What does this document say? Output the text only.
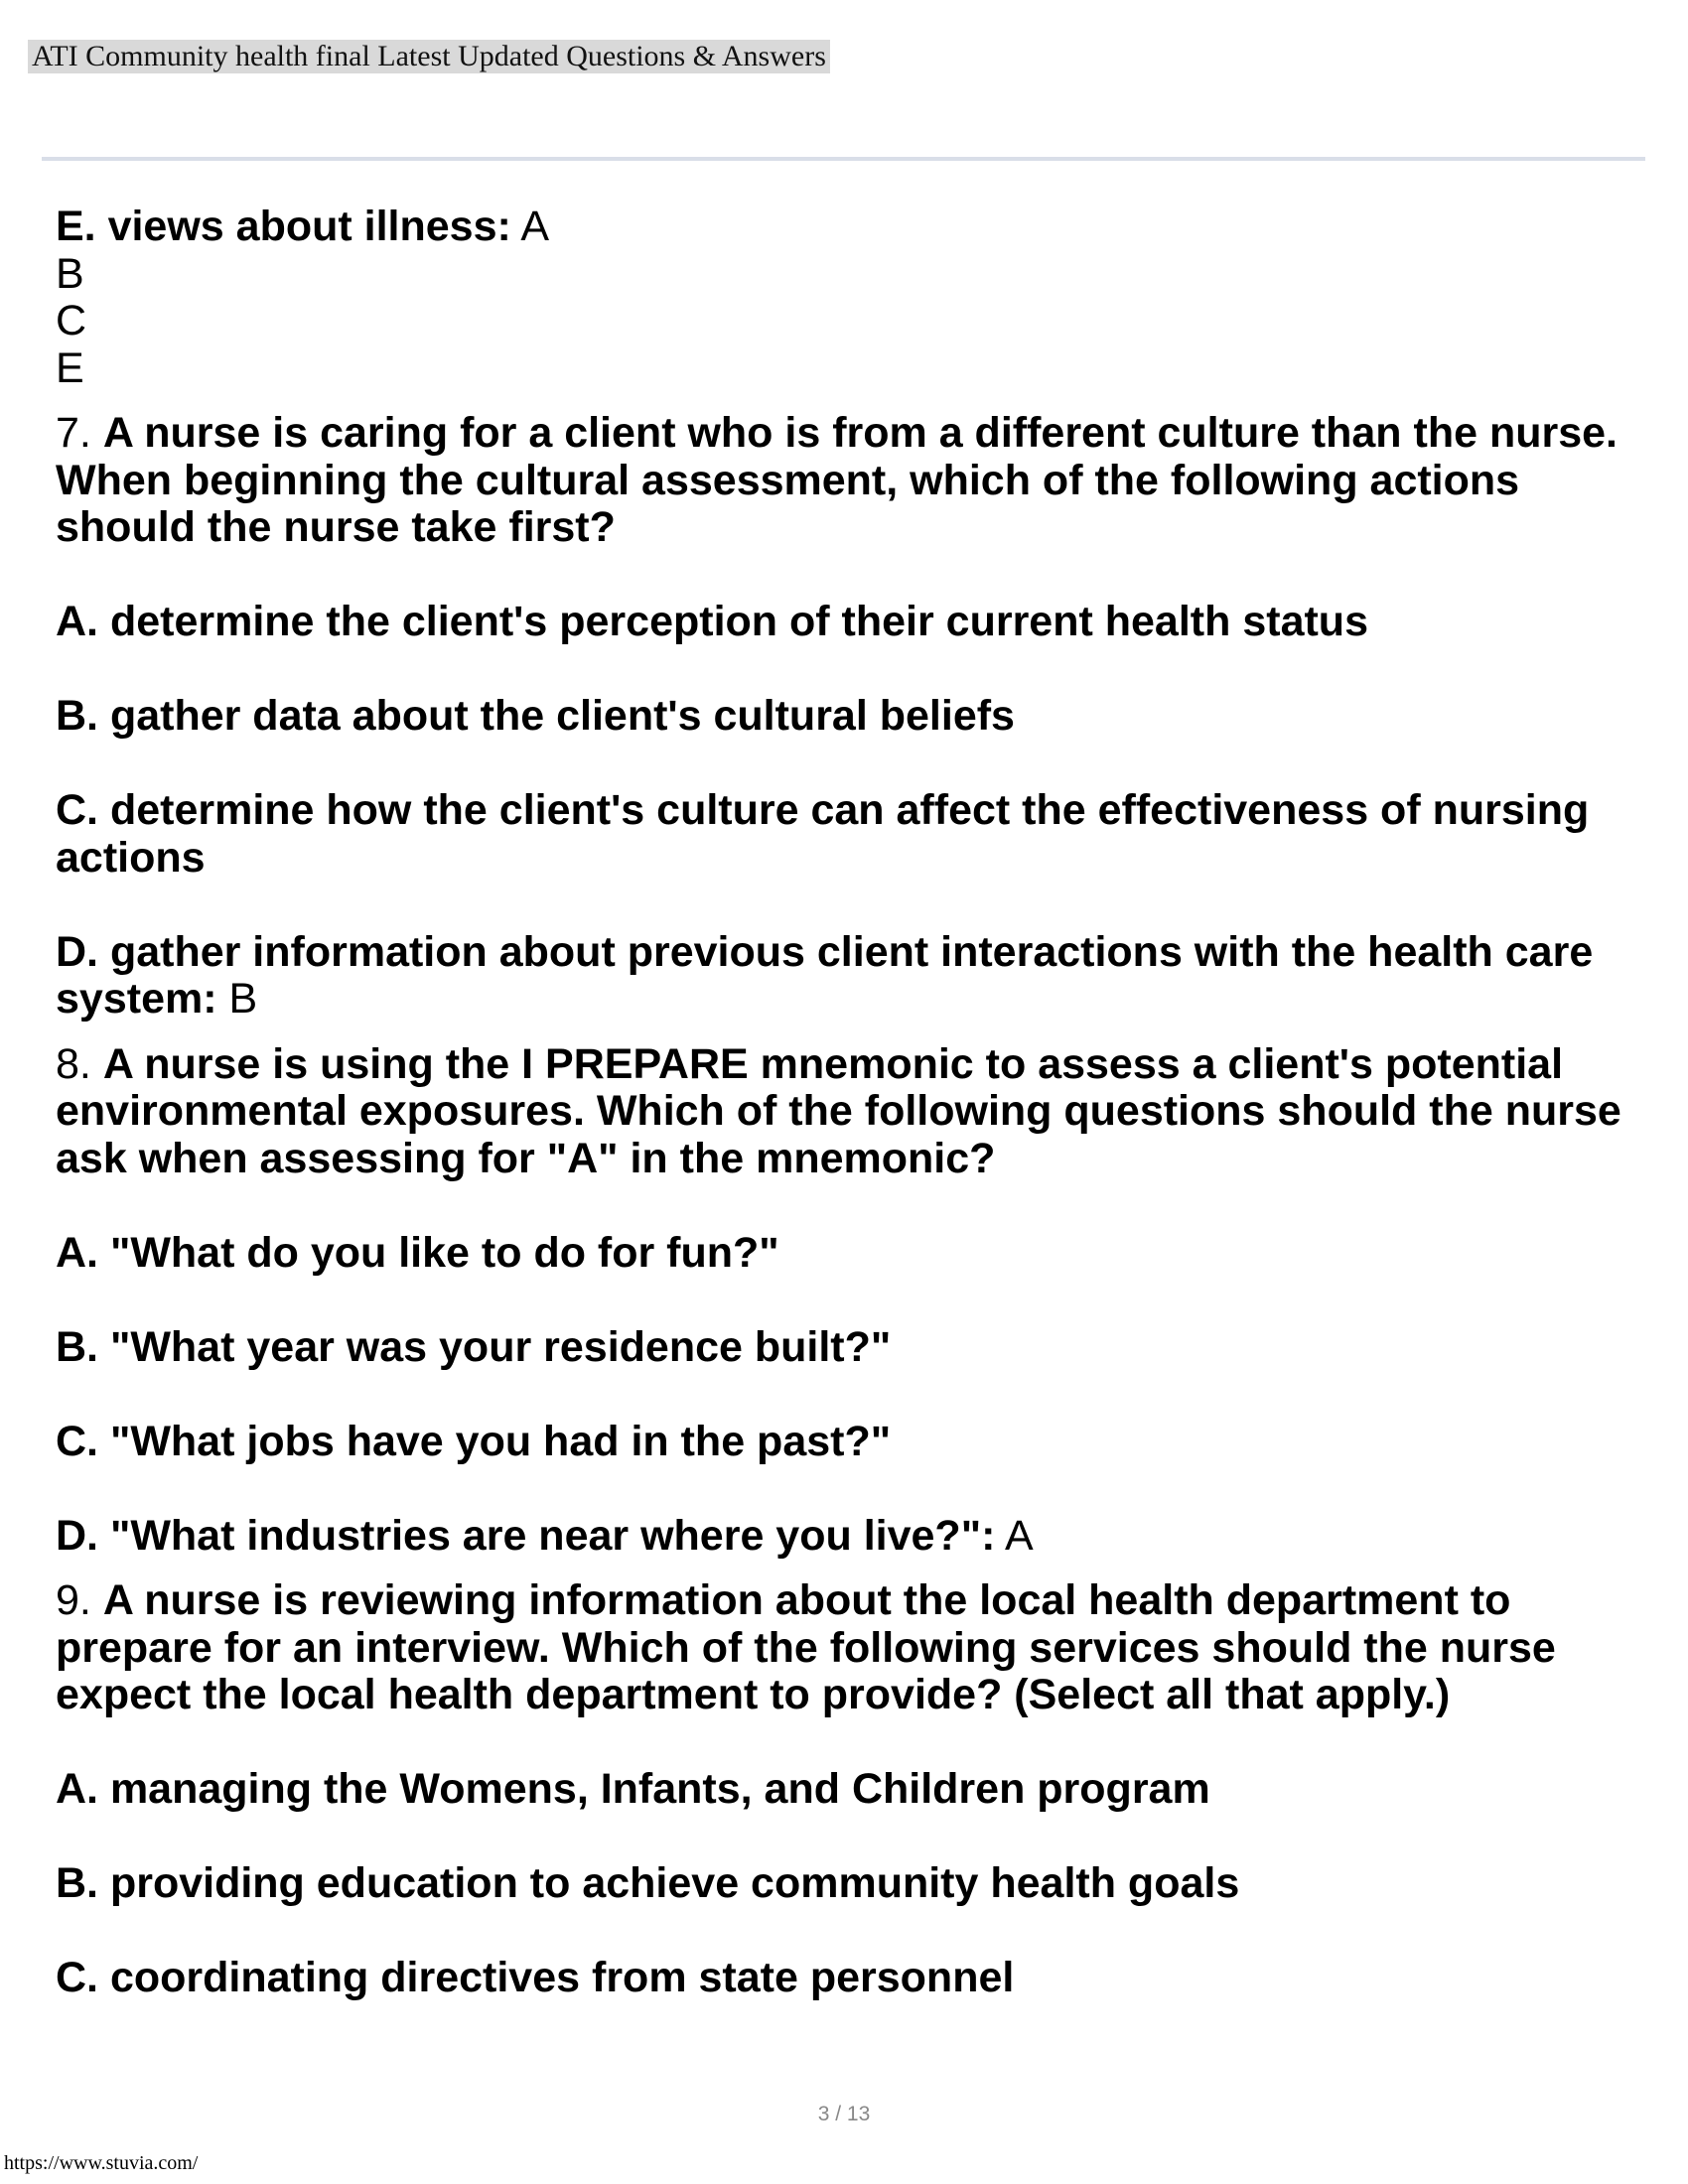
ATI Community health final Latest Updated Questions & Answers
E. views about illness: A
B
C
E
7. A nurse is caring for a client who is from a different culture than the nurse.
When beginning the cultural assessment, which of the following actions
should the nurse take first?
A. determine the client's perception of their current health status
B. gather data about the client's cultural beliefs
C. determine how the client's culture can affect the effectiveness of nursing
actions
D. gather information about previous client interactions with the health care
system: B
8. A nurse is using the I PREPARE mnemonic to assess a client's potential
environmental exposures. Which of the following questions should the nurse
ask when assessing for "A" in the mnemonic?
A. "What do you like to do for fun?"
B. "What year was your residence built?"
C. "What jobs have you had in the past?"
D. "What industries are near where you live?": A
9. A nurse is reviewing information about the local health department to
prepare for an interview. Which of the following services should the nurse
expect the local health department to provide? (Select all that apply.)
A. managing the Womens, Infants, and Children program
B. providing education to achieve community health goals
C. coordinating directives from state personnel
3 / 13
https://www.stuvia.com/
